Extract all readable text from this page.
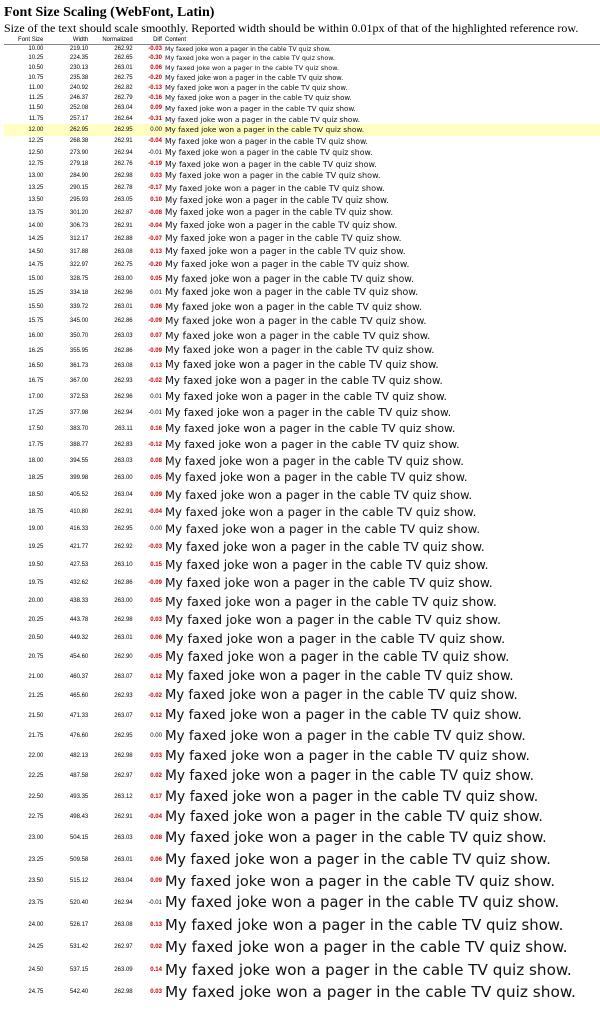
Font Size Scaling (WebFont, Latin)
Size of the text should scale smoothly. Reported width should be within 0.01px of that of the highlighted reference row.
Font Size	Width	Normalized	Diff	Content
10.00	219.10	262.92	-0.03	My faxed joke won a pager in the cable TV quiz show.
10.25	224.35	262.65	-0.30	My faxed joke won a pager in the cable TV quiz show.
10.50	230.13	263.01	0.06	My faxed joke won a pager in the cable TV quiz show.
10.75	235.38	262.75	-0.20	My faxed joke won a pager in the cable TV quiz show.
11.00	240.92	262.82	-0.13	My faxed joke won a pager in the cable TV quiz show.
11.25	246.37	262.79	-0.16	My faxed joke won a pager in the cable TV quiz show.
11.50	252.08	263.04	0.09	My faxed joke won a pager in the cable TV quiz show.
11.75	257.17	262.64	-0.31	My faxed joke won a pager in the cable TV quiz show.
12.00	262.95	262.95	0.00	My faxed joke won a pager in the cable TV quiz show.
12.25	268.38	262.91	-0.04	My faxed joke won a pager in the cable TV quiz show.
12.50	273.90	262.94	-0.01	My faxed joke won a pager in the cable TV quiz show.
12.75	279.18	262.76	-0.19	My faxed joke won a pager in the cable TV quiz show.
13.00	284.90	262.98	0.03	My faxed joke won a pager in the cable TV quiz show.
13.25	290.15	262.78	-0.17	My faxed joke won a pager in the cable TV quiz show.
13.50	295.93	263.05	0.10	My faxed joke won a pager in the cable TV quiz show.
13.75	301.20	262.87	-0.08	My faxed joke won a pager in the cable TV quiz show.
14.00	306.73	262.91	-0.04	My faxed joke won a pager in the cable TV quiz show.
14.25	312.17	262.88	-0.07	My faxed joke won a pager in the cable TV quiz show.
14.50	317.88	263.08	0.13	My faxed joke won a pager in the cable TV quiz show.
14.75	322.97	262.75	-0.20	My faxed joke won a pager in the cable TV quiz show.
15.00	328.75	263.00	0.05	My faxed joke won a pager in the cable TV quiz show.
15.25	334.18	262.96	0.01	My faxed joke won a pager in the cable TV quiz show.
15.50	339.72	263.01	0.06	My faxed joke won a pager in the cable TV quiz show.
15.75	345.00	262.86	-0.09	My faxed joke won a pager in the cable TV quiz show.
16.00	350.70	263.03	0.07	My faxed joke won a pager in the cable TV quiz show.
16.25	355.95	262.86	-0.09	My faxed joke won a pager in the cable TV quiz show.
16.50	361.73	263.08	0.13	My faxed joke won a pager in the cable TV quiz show.
16.75	367.00	262.93	-0.02	My faxed joke won a pager in the cable TV quiz show.
17.00	372.53	262.96	0.01	My faxed joke won a pager in the cable TV quiz show.
17.25	377.98	262.94	-0.01	My faxed joke won a pager in the cable TV quiz show.
17.50	383.70	263.11	0.16	My faxed joke won a pager in the cable TV quiz show.
17.75	388.77	262.83	-0.12	My faxed joke won a pager in the cable TV quiz show.
18.00	394.55	263.03	0.08	My faxed joke won a pager in the cable TV quiz show.
18.25	399.98	263.00	0.05	My faxed joke won a pager in the cable TV quiz show.
18.50	405.52	263.04	0.09	My faxed joke won a pager in the cable TV quiz show.
18.75	410.80	262.91	-0.04	My faxed joke won a pager in the cable TV quiz show.
19.00	416.33	262.95	0.00	My faxed joke won a pager in the cable TV quiz show.
19.25	421.77	262.92	-0.03	My faxed joke won a pager in the cable TV quiz show.
19.50	427.53	263.10	0.15	My faxed joke won a pager in the cable TV quiz show.
19.75	432.62	262.86	-0.09	My faxed joke won a pager in the cable TV quiz show.
20.00	438.33	263.00	0.05	My faxed joke won a pager in the cable TV quiz show.
20.25	443.78	262.98	0.03	My faxed joke won a pager in the cable TV quiz show.
20.50	449.32	263.01	0.06	My faxed joke won a pager in the cable TV quiz show.
20.75	454.60	262.90	-0.05	My faxed joke won a pager in the cable TV quiz show.
21.00	460.37	263.07	0.12	My faxed joke won a pager in the cable TV quiz show.
21.25	465.60	262.93	-0.02	My faxed joke won a pager in the cable TV quiz show.
21.50	471.33	263.07	0.12	My faxed joke won a pager in the cable TV quiz show.
21.75	476.60	262.95	0.00	My faxed joke won a pager in the cable TV quiz show.
22.00	482.13	262.98	0.03	My faxed joke won a pager in the cable TV quiz show.
22.25	487.58	262.97	0.02	My faxed joke won a pager in the cable TV quiz show.
22.50	493.35	263.12	0.17	My faxed joke won a pager in the cable TV quiz show.
22.75	498.43	262.91	-0.04	My faxed joke won a pager in the cable TV quiz show.
23.00	504.15	263.03	0.08	My faxed joke won a pager in the cable TV quiz show.
23.25	509.58	263.01	0.06	My faxed joke won a pager in the cable TV quiz show.
23.50	515.12	263.04	0.09	My faxed joke won a pager in the cable TV quiz show.
23.75	520.40	262.94	-0.01	My faxed joke won a pager in the cable TV quiz show.
24.00	526.17	263.08	0.13	My faxed joke won a pager in the cable TV quiz show.
24.25	531.42	262.97	0.02	My faxed joke won a pager in the cable TV quiz show.
24.50	537.15	263.09	0.14	My faxed joke won a pager in the cable TV quiz show.
24.75	542.40	262.98	0.03	My faxed joke won a pager in the cable TV quiz show.
